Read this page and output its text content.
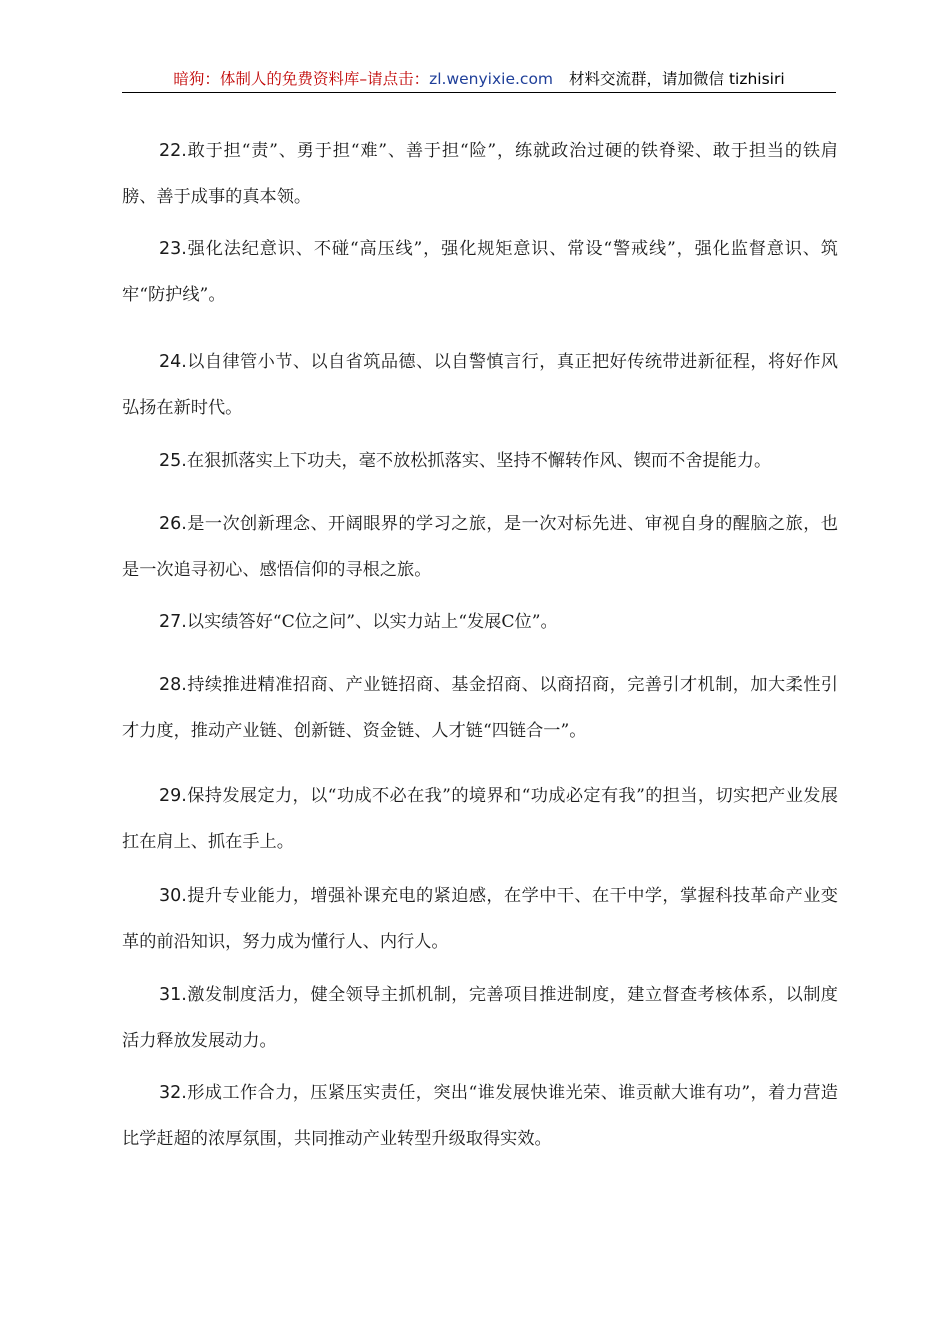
暗狗：体制人的免费资料库–请点击：zl.wenyixie.com 材料交流群，请加微信 tizhisiri

22.敢于担“责”、勇于担“难”、善于担“险”，练就政治过硬的铁脊梁、敢于担当的铁肩膀、善于成事的真本领。

23.强化法纪意识、不碰“高压线”，强化规矩意识、常设“警戒线”，强化监督意识、筑牢“防护线”。

24.以自律管小节、以自省筑品德、以自警慎言行，真正把好传统带进新征程，将好作风弘扬在新时代。

25.在狠抓落实上下功夫，毫不放松抓落实、坚持不懈转作风、锲而不舍提能力。

26.是一次创新理念、开阔眼界的学习之旅，是一次对标先进、审视自身的醒脑之旅，也是一次追寻初心、感悟信仰的寻根之旅。

27.以实绩答好“C位之问”、以实力站上“发展C位”。

28.持续推进精准招商、产业链招商、基金招商、以商招商，完善引才机制，加大柔性引才力度，推动产业链、创新链、资金链、人才链“四链合一”。

29.保持发展定力，以“功成不必在我”的境界和“功成必定有我”的担当，切实把产业发展扛在肩上、抓在手上。

30.提升专业能力，增强补课充电的紧迫感，在学中干、在干中学，掌握科技革命产业变革的前沿知识，努力成为懂行人、内行人。

31.激发制度活力，健全领导主抓机制，完善项目推进制度，建立督查考核体系，以制度活力释放发展动力。

32.形成工作合力，压紧压实责任，突出“谁发展快谁光荣、谁贡献大谁有功”，着力营造比学赶超的浓厚氛围，共同推动产业转型升级取得实效。
